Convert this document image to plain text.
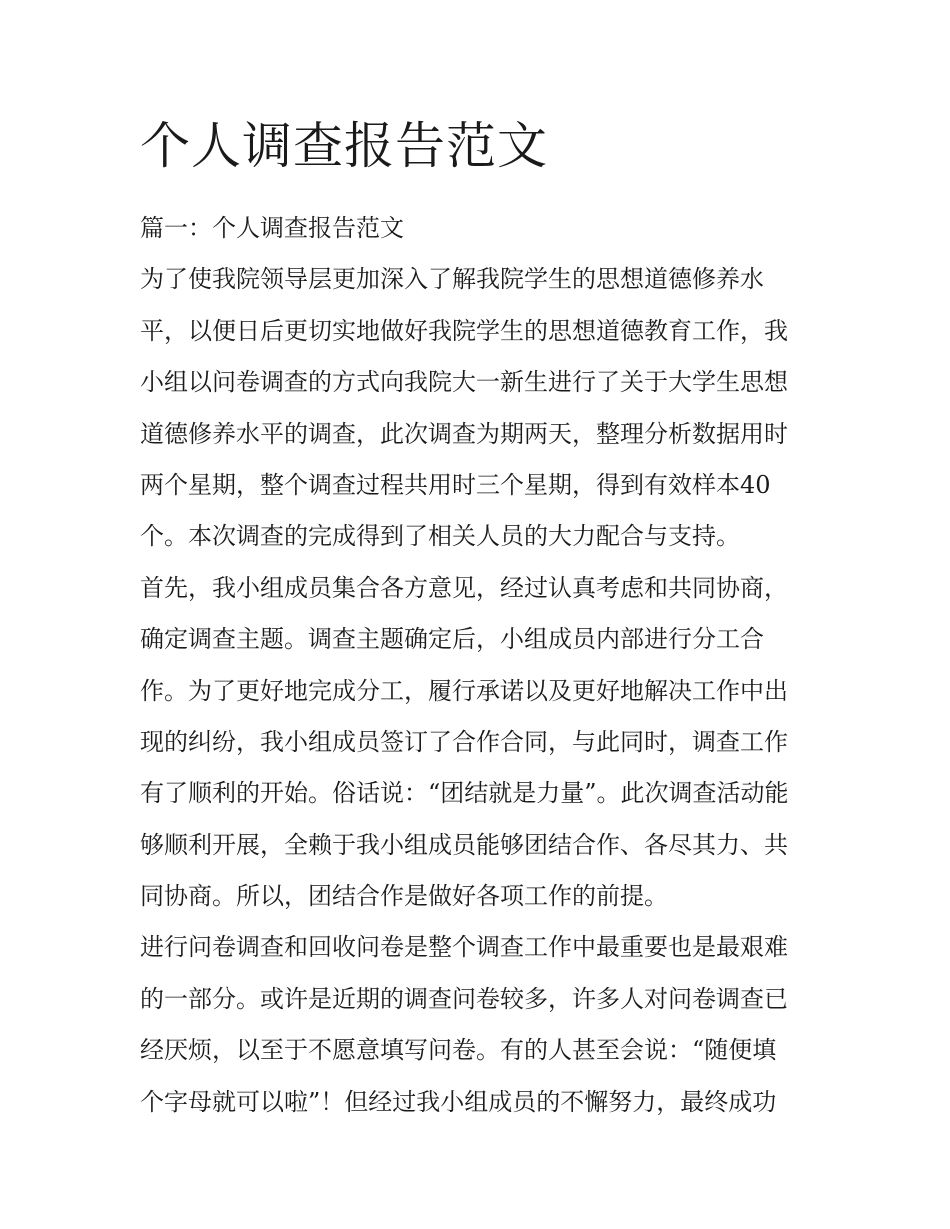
个人调查报告范文
篇一：个人调查报告范文
为了使我院领导层更加深入了解我院学生的思想道德修养水
平，以便日后更切实地做好我院学生的思想道德教育工作，我
小组以问卷调查的方式向我院大一新生进行了关于大学生思想
道德修养水平的调查，此次调查为期两天，整理分析数据用时
两个星期，整个调查过程共用时三个星期，得到有效样本40
个。本次调查的完成得到了相关人员的大力配合与支持。
首先，我小组成员集合各方意见，经过认真考虑和共同协商，
确定调查主题。调查主题确定后，小组成员内部进行分工合
作。为了更好地完成分工，履行承诺以及更好地解决工作中出
现的纠纷，我小组成员签订了合作合同，与此同时，调查工作
有了顺利的开始。俗话说：“团结就是力量”。此次调查活动能
够顺利开展，全赖于我小组成员能够团结合作、各尽其力、共
同协商。所以，团结合作是做好各项工作的前提。
进行问卷调查和回收问卷是整个调查工作中最重要也是最艰难
的一部分。或许是近期的调查问卷较多，许多人对问卷调查已
经厌烦，以至于不愿意填写问卷。有的人甚至会说：“随便填
个字母就可以啦”！但经过我小组成员的不懈努力，最终成功
